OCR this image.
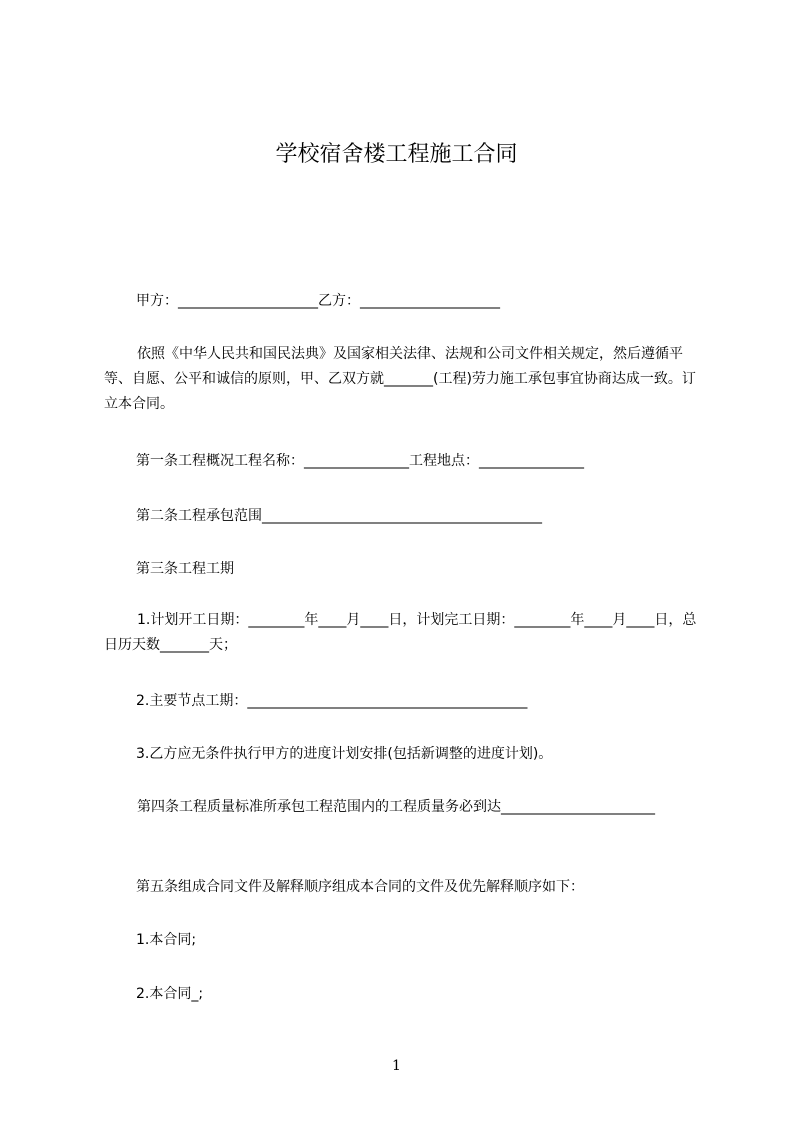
学校宿舍楼工程施工合同
甲方：____________________乙方：____________________
依照《中华人民共和国民法典》及国家相关法律、法规和公司文件相关规定，然后遵循平等、自愿、公平和诚信的原则，甲、乙双方就_______(工程)劳力施工承包事宜协商达成一致。订立本合同。
第一条工程概况工程名称：_______________工程地点：_______________
第二条工程承包范围________________________________________
第三条工程工期
1.计划开工日期：________年____月____日，计划完工日期：________年____月____日，总日历天数_______天；
2.主要节点工期：________________________________________
3.乙方应无条件执行甲方的进度计划安排(包括新调整的进度计划)。
第四条工程质量标准所承包工程范围内的工程质量务必到达______________________
第五条组成合同文件及解释顺序组成本合同的文件及优先解释顺序如下：
1.本合同;
2.本合同_;
1
